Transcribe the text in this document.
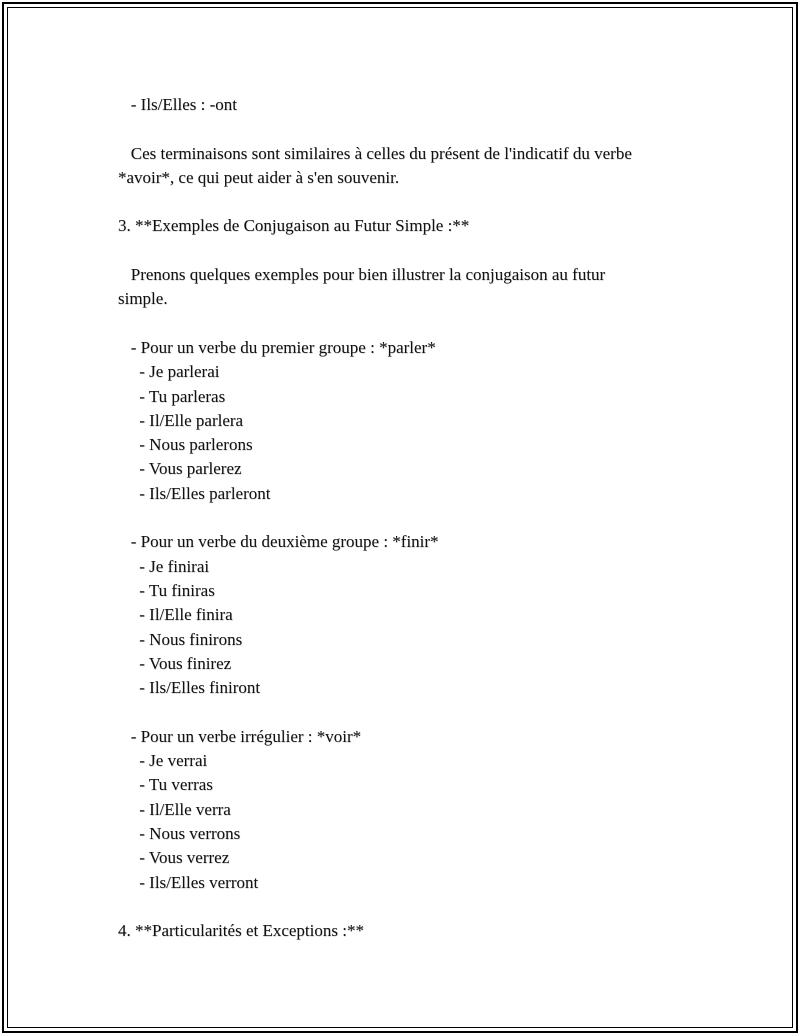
- Ils/Elles : -ont
Ces terminaisons sont similaires à celles du présent de l'indicatif du verbe
*avoir*, ce qui peut aider à s'en souvenir.
3. **Exemples de Conjugaison au Futur Simple :**
Prenons quelques exemples pour bien illustrer la conjugaison au futur
simple.
- Pour un verbe du premier groupe : *parler*
- Je parlerai
- Tu parleras
- Il/Elle parlera
- Nous parlerons
- Vous parlerez
- Ils/Elles parleront
- Pour un verbe du deuxième groupe : *finir*
- Je finirai
- Tu finiras
- Il/Elle finira
- Nous finirons
- Vous finirez
- Ils/Elles finiront
- Pour un verbe irrégulier : *voir*
- Je verrai
- Tu verras
- Il/Elle verra
- Nous verrons
- Vous verrez
- Ils/Elles verront
4. **Particularités et Exceptions :**
